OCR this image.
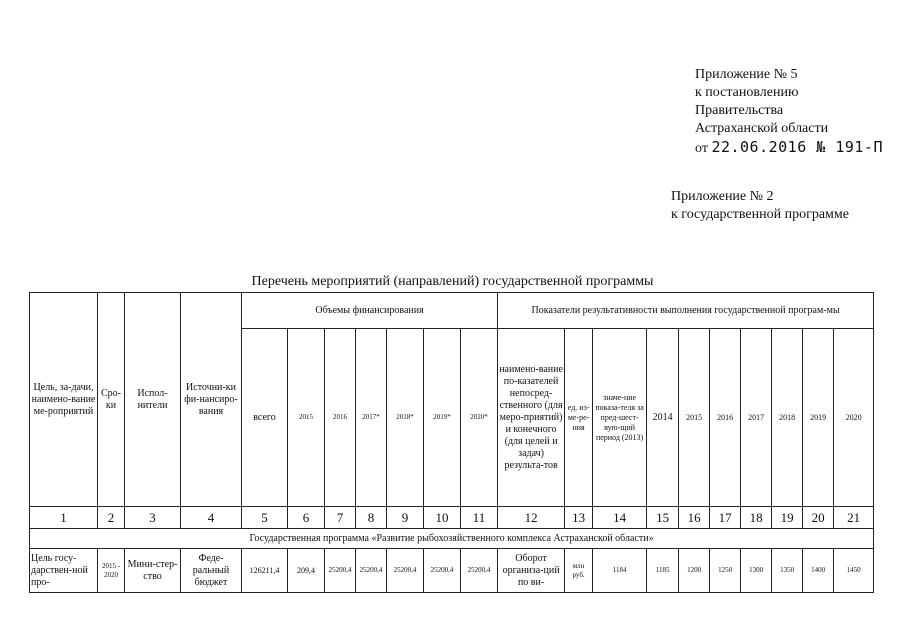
Приложение № 5
к постановлению
Правительства
Астраханской области
от 22.06.2016 № 191-П
Приложение № 2
к государственной программе
Перечень мероприятий (направлений) государственной программы
Цель, за-дачи, наимено-вание ме-роприятий	Сро-ки	Испол-нители	Источни-ки фи-нансиро-вания	Объемы финансирования							Показатели результативности выполнения государственной програм-мы									
				всего	2015	2016	2017*	2018*	2019*	2020*	наимено-вание по-казателей непосред-ственного (для меро-приятий) и конечного (для целей и задач) результа-тов	ед. из-ме-ре-ния	значе-ние показа-теля за пред-шест-вую-щий период (2013)	2014	2015	2016	2017	2018	2019	2020
1	2	3	4	5	6	7	8	9	10	11	12	13	14	15	16	17	18	19	20	21
Государственная программа «Развитие рыбохозяйственного комплекса Астраханской области»																				
Цель госу-дарствен-ной про-	2015 - 2020	Мини-стер-ство	Феде-ральный бюджет	126211,4	209,4	25200,4	25200,4	25200,4	25200,4	25200,4	Оборот организа-ций по ви-	млн руб.	1184	1185	1200	1250	1300	1350	1400	1450
